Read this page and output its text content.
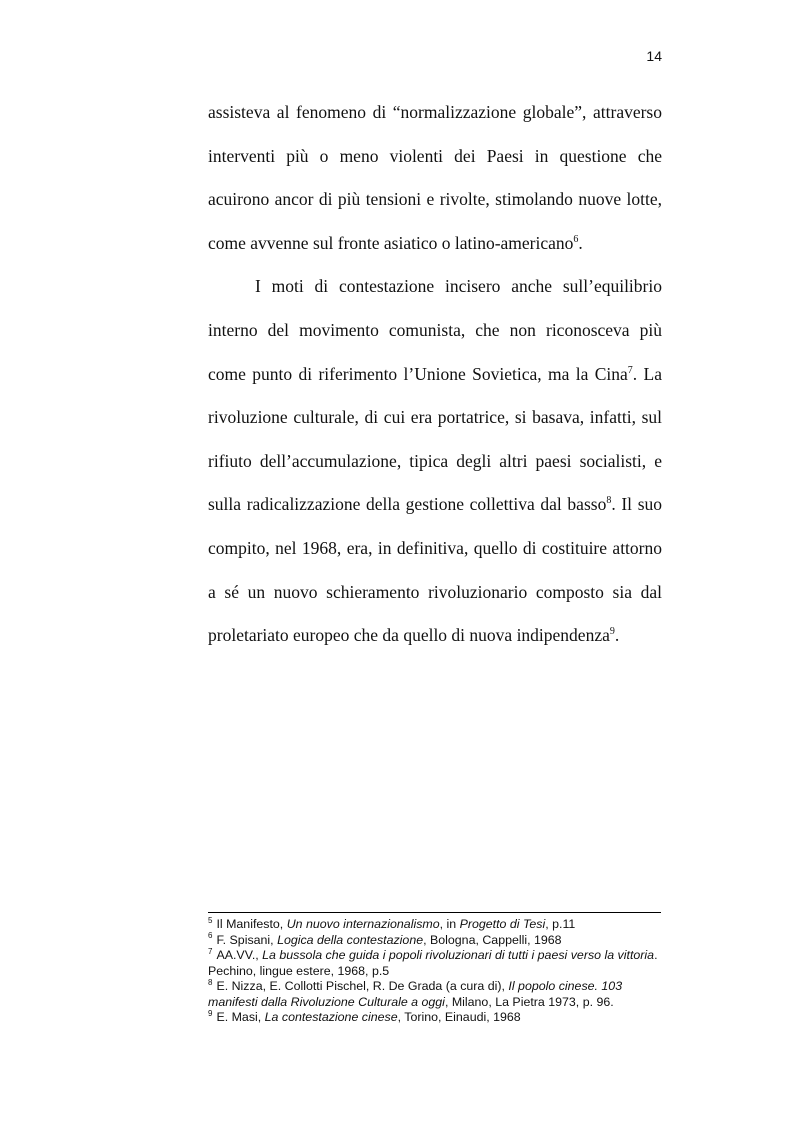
14

assisteva al fenomeno di “normalizzazione globale”, attraverso interventi più o meno violenti dei Paesi in questione che acuirono ancor di più tensioni e rivolte, stimolando nuove lotte, come avvenne sul fronte asiatico o latino-americano$^6$.

I moti di contestazione incisero anche sull’equilibrio interno del movimento comunista, che non riconosceva più come punto di riferimento l’Unione Sovietica, ma la Cina$^7$. La rivoluzione culturale, di cui era portatrice, si basava, infatti, sul rifiuto dell’accumulazione, tipica degli altri paesi socialisti, e sulla radicalizzazione della gestione collettiva dal basso$^8$. Il suo compito, nel 1968, era, in definitiva, quello di costituire attorno a sé un nuovo schieramento rivoluzionario composto sia dal proletariato europeo che da quello di nuova indipendenza$^9$.

$^5$ Il Manifesto, Un nuovo internazionalismo, in Progetto di Tesi, p.11

$^6$ F. Spisani, Logica della contestazione, Bologna, Cappelli, 1968

$^7$ AA.VV., La bussola che guida i popoli rivoluzionari di tutti i paesi verso la vittoria. Pechino, lingue estere, 1968, p.5

$^8$ E. Nizza, E. Collotti Pischel, R. De Grada (a cura di), Il popolo cinese. 103 manifesti dalla Rivoluzione Culturale a oggi, Milano, La Pietra 1973, p. 96.

$^9$ E. Masi, La contestazione cinese, Torino, Einaudi, 1968
